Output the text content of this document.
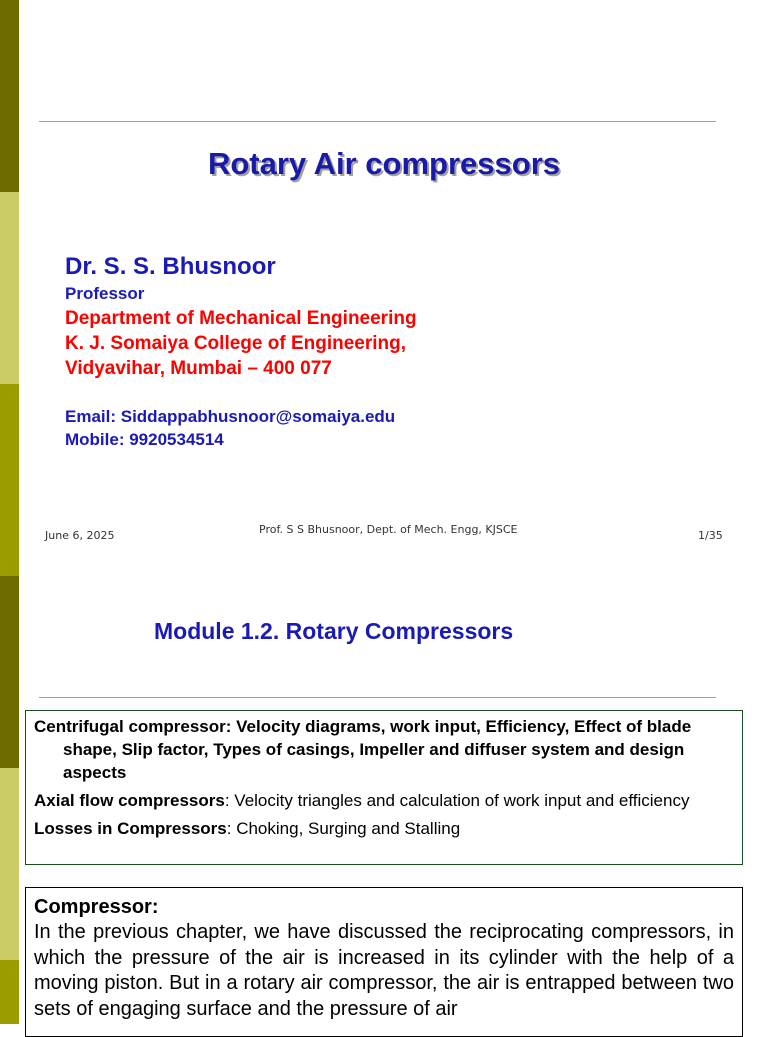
Rotary Air compressors
Dr. S. S. Bhusnoor
Professor
Department of Mechanical Engineering
K. J. Somaiya College of Engineering,
Vidyavihar, Mumbai – 400 077
Email: Siddappabhusnoor@somaiya.edu
Mobile: 9920534514
June 6, 2025	Prof. S S Bhusnoor, Dept. of Mech. Engg, KJSCE	1/35
Module 1.2. Rotary Compressors

Centrifugal compressor: Velocity diagrams, work input, Efficiency, Effect of blade shape, Slip factor, Types of casings, Impeller and diffuser system and design aspects

Axial flow compressors: Velocity triangles and calculation of work input and efficiency

Losses in Compressors: Choking, Surging and Stalling

Compressor:
In the previous chapter, we have discussed the reciprocating compressors, in which the pressure of the air is increased in its cylinder with the help of a moving piston. But in a rotary air compressor, the air is entrapped between two sets of engaging surface and the pressure of air
